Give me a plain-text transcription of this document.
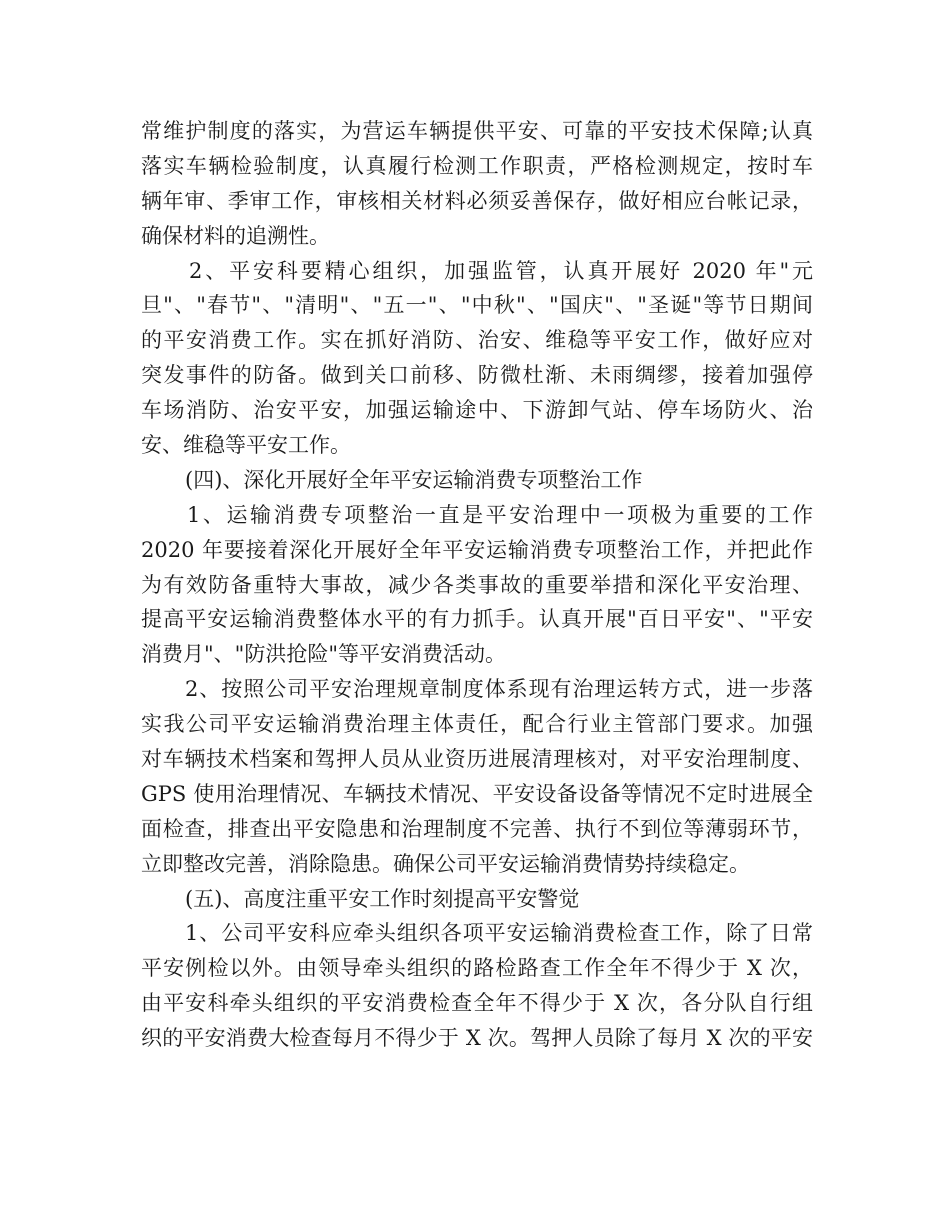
常维护制度的落实，为营运车辆提供平安、可靠的平安技术保障;认真
落实车辆检验制度，认真履行检测工作职责，严格检测规定，按时车
辆年审、季审工作，审核相关材料必须妥善保存，做好相应台帐记录，
确保材料的追溯性。
2、平安科要精心组织，加强监管，认真开展好 2020 年"元
旦"、"春节"、"清明"、"五一"、"中秋"、"国庆"、"圣诞"等节日期间
的平安消费工作。实在抓好消防、治安、维稳等平安工作，做好应对
突发事件的防备。做到关口前移、防微杜渐、未雨绸缪，接着加强停
车场消防、治安平安，加强运输途中、下游卸气站、停车场防火、治
安、维稳等平安工作。
(四)、深化开展好全年平安运输消费专项整治工作
1、运输消费专项整治一直是平安治理中一项极为重要的工作
2020 年要接着深化开展好全年平安运输消费专项整治工作，并把此作
为有效防备重特大事故，减少各类事故的重要举措和深化平安治理、
提高平安运输消费整体水平的有力抓手。认真开展"百日平安"、"平安
消费月"、"防洪抢险"等平安消费活动。
2、按照公司平安治理规章制度体系现有治理运转方式，进一步落
实我公司平安运输消费治理主体责任，配合行业主管部门要求。加强
对车辆技术档案和驾押人员从业资历进展清理核对，对平安治理制度、
GPS 使用治理情况、车辆技术情况、平安设备设备等情况不定时进展全
面检查，排查出平安隐患和治理制度不完善、执行不到位等薄弱环节，
立即整改完善，消除隐患。确保公司平安运输消费情势持续稳定。
(五)、高度注重平安工作时刻提高平安警觉
1、公司平安科应牵头组织各项平安运输消费检查工作，除了日常
平安例检以外。由领导牵头组织的路检路查工作全年不得少于 X 次，
由平安科牵头组织的平安消费检查全年不得少于 X 次，各分队自行组
织的平安消费大检查每月不得少于 X 次。驾押人员除了每月 X 次的平安
